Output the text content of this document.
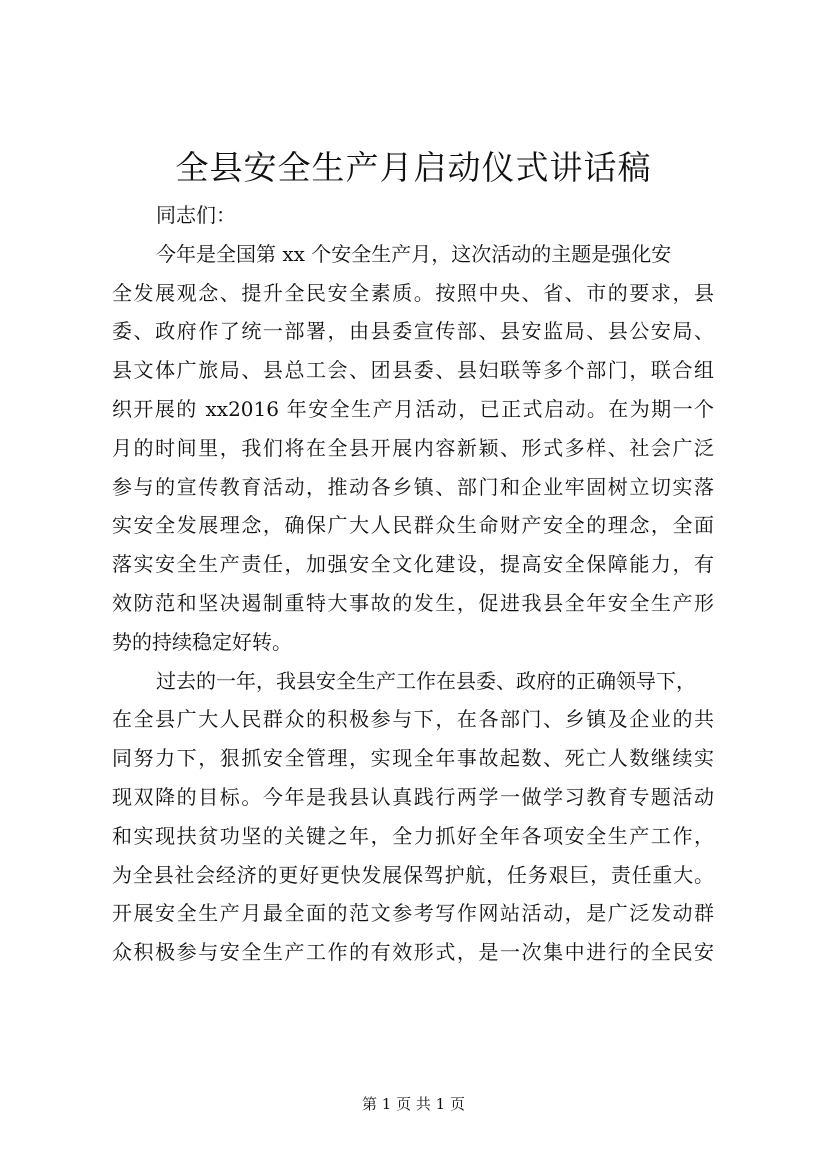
全县安全生产月启动仪式讲话稿
同志们：
今年是全国第 xx 个安全生产月，这次活动的主题是强化安
全发展观念、提升全民安全素质。按照中央、省、市的要求，县
委、政府作了统一部署，由县委宣传部、县安监局、县公安局、
县文体广旅局、县总工会、团县委、县妇联等多个部门，联合组
织开展的 xx2016 年安全生产月活动，已正式启动。在为期一个
月的时间里，我们将在全县开展内容新颖、形式多样、社会广泛
参与的宣传教育活动，推动各乡镇、部门和企业牢固树立切实落
实安全发展理念，确保广大人民群众生命财产安全的理念，全面
落实安全生产责任，加强安全文化建设，提高安全保障能力，有
效防范和坚决遏制重特大事故的发生，促进我县全年安全生产形
势的持续稳定好转。
过去的一年，我县安全生产工作在县委、政府的正确领导下，
在全县广大人民群众的积极参与下，在各部门、乡镇及企业的共
同努力下，狠抓安全管理，实现全年事故起数、死亡人数继续实
现双降的目标。今年是我县认真践行两学一做学习教育专题活动
和实现扶贫功坚的关键之年，全力抓好全年各项安全生产工作，
为全县社会经济的更好更快发展保驾护航，任务艰巨，责任重大。
开展安全生产月最全面的范文参考写作网站活动，是广泛发动群
众积极参与安全生产工作的有效形式，是一次集中进行的全民安
第 1 页 共 1 页
